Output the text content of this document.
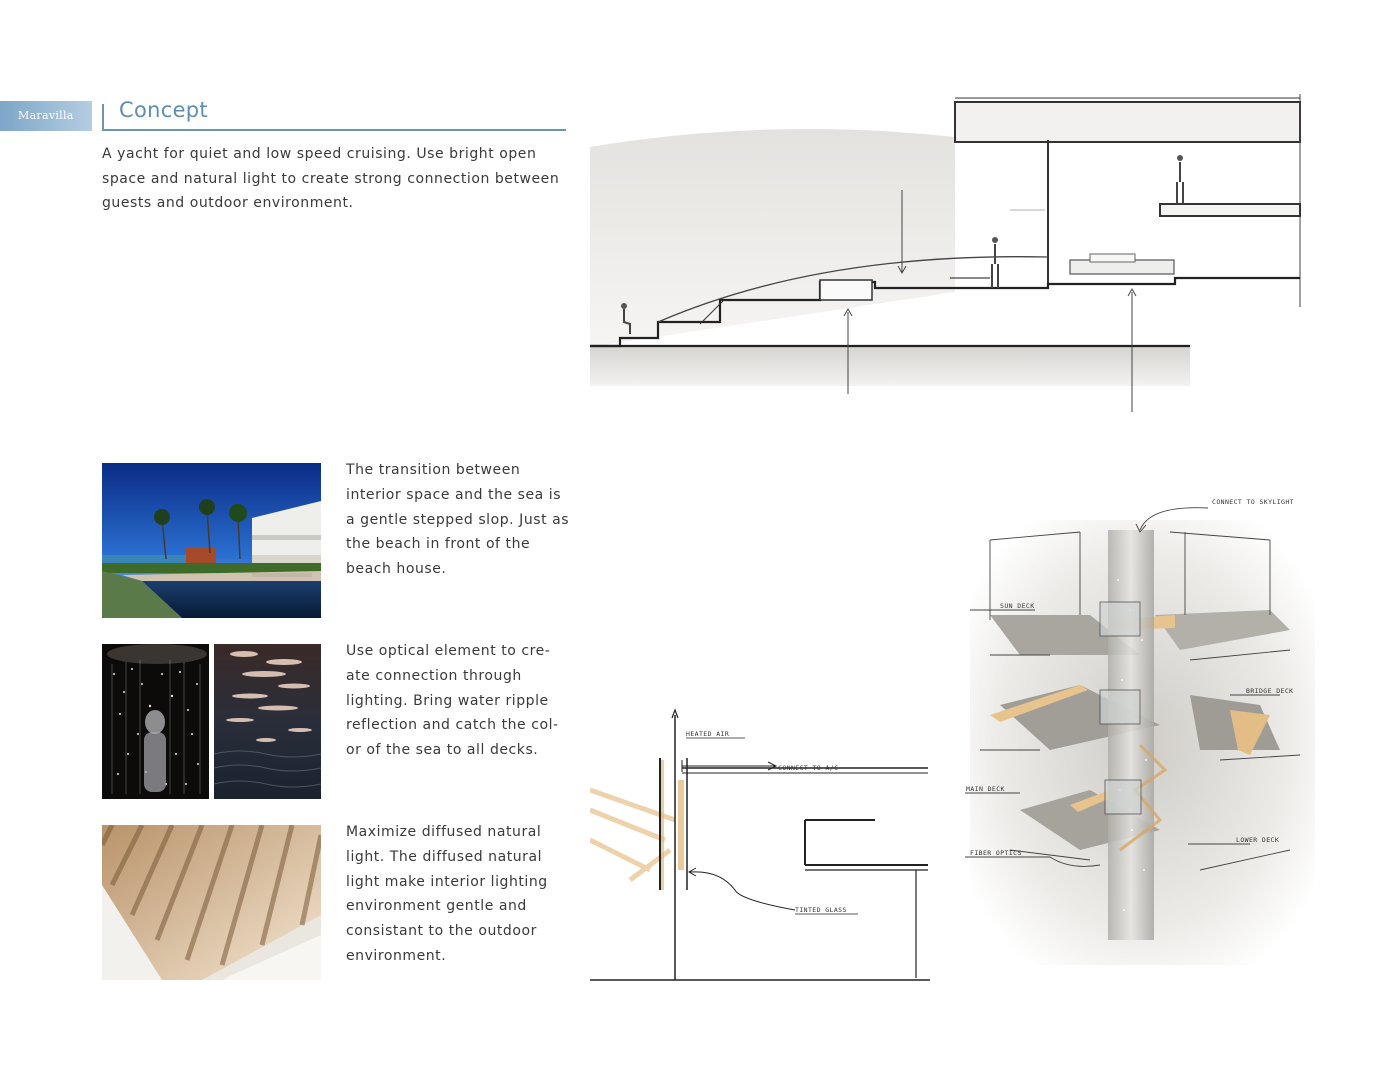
Maravilla	Concept

A yacht for quiet and low speed cruising. Use bright open space and natural light to create strong connection between guests and outdoor environment.

The transition between interior space and the sea is a gentle stepped slop. Just as the beach in front of the beach house.

Use optical element to cre-ate connection through lighting. Bring water ripple reflection and catch the col-or of the sea to all decks.

Maximize diffused natural light. The diffused natural light make interior lighting environment gentle and consistant to the outdoor environment.

HEATED AIR
CONNECT TO A/C
TINTED GLASS
CONNECT TO SKYLIGHT
SUN DECK
BRIDGE DECK
MAIN DECK
FIBER OPTICS
LOWER DECK
